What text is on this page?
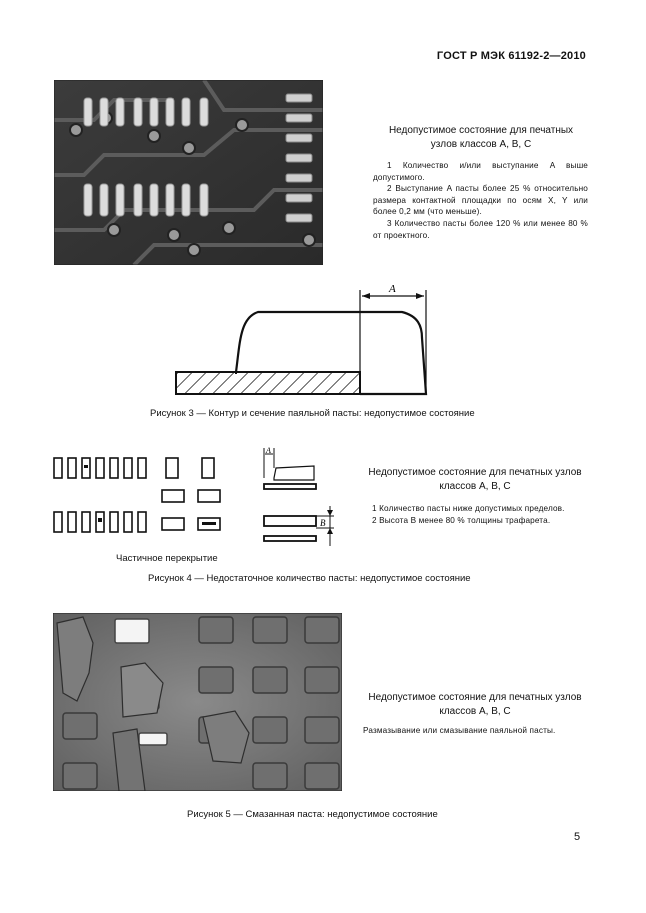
ГОСТ Р МЭК 61192-2—2010
Недопустимое состояние для печатных
узлов классов А, В, С

1 Количество и/или выступание A выше допустимого.

2 Выступание A пасты более 25 % относительно размера контактной площадки по осям X, Y или более 0,2 мм (что меньше).

3 Количество пасты более 120 % или менее 80 % от проектного.

A
Рисунок 3 — Контур и сечение паяльной пасты: недопустимое состояние
A
B
Недопустимое состояние для печатных узлов
классов А, В, С
1 Количество пасты ниже допустимых пределов.
2 Высота B менее 80 % толщины трафарета.
Частичное перекрытие
Рисунок 4 — Недостаточное количество пасты: недопустимое состояние
Недопустимое состояние для печатных узлов
классов А, В, С
Размазывание или смазывание паяльной пасты.
Рисунок 5 — Смазанная паста: недопустимое состояние
5
